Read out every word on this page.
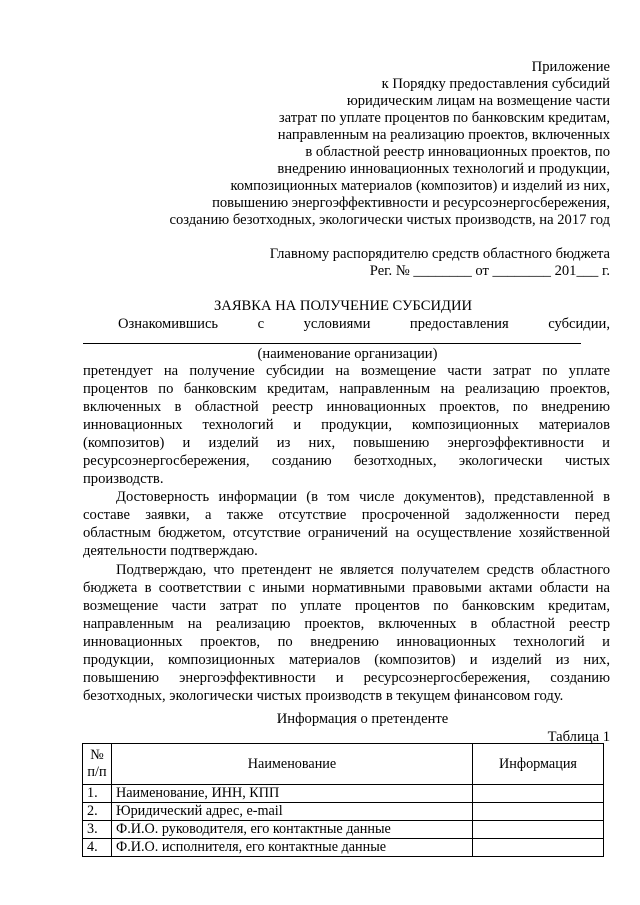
Приложение
к Порядку предоставления субсидий
юридическим лицам на возмещение части
затрат по уплате процентов по банковским кредитам,
направленным на реализацию проектов, включенных
в областной реестр инновационных проектов, по
внедрению инновационных технологий и продукции,
композиционных материалов (композитов) и изделий из них,
повышению энергоэффективности и ресурсоэнергосбережения,
созданию безотходных, экологически чистых производств, на 2017 год
Главному распорядителю средств областного бюджета
Рег. № ________ от ________ 201___ г.
ЗАЯВКА НА ПОЛУЧЕНИЕ СУБСИДИИ
Ознакомившись с условиями предоставления субсидии,
(наименование организации)
претендует на получение субсидии на возмещение части затрат по уплате
процентов по банковским кредитам, направленным на реализацию проектов,
включенных в областной реестр инновационных проектов, по внедрению
инновационных технологий и продукции, композиционных материалов
(композитов) и изделий из них, повышению энергоэффективности и
ресурсоэнергосбережения, созданию безотходных, экологически чистых
производств.
Достоверность информации (в том числе документов), представленной в
составе заявки, а также отсутствие просроченной задолженности перед
областным бюджетом, отсутствие ограничений на осуществление хозяйственной
деятельности подтверждаю.
Подтверждаю, что претендент не является получателем средств областного
бюджета в соответствии с иными нормативными правовыми актами области на
возмещение части затрат по уплате процентов по банковским кредитам,
направленным на реализацию проектов, включенных в областной реестр
инновационных проектов, по внедрению инновационных технологий и
продукции, композиционных материалов (композитов) и изделий из них,
повышению энергоэффективности и ресурсоэнергосбережения, созданию
безотходных, экологически чистых производств в текущем финансовом году.
Информация о претенденте
Таблица 1
№
п/п	Наименование	Информация
1.	Наименование, ИНН, КПП	
2.	Юридический адрес, e-mail	
3.	Ф.И.О. руководителя, его контактные данные	
4.	Ф.И.О. исполнителя, его контактные данные	
